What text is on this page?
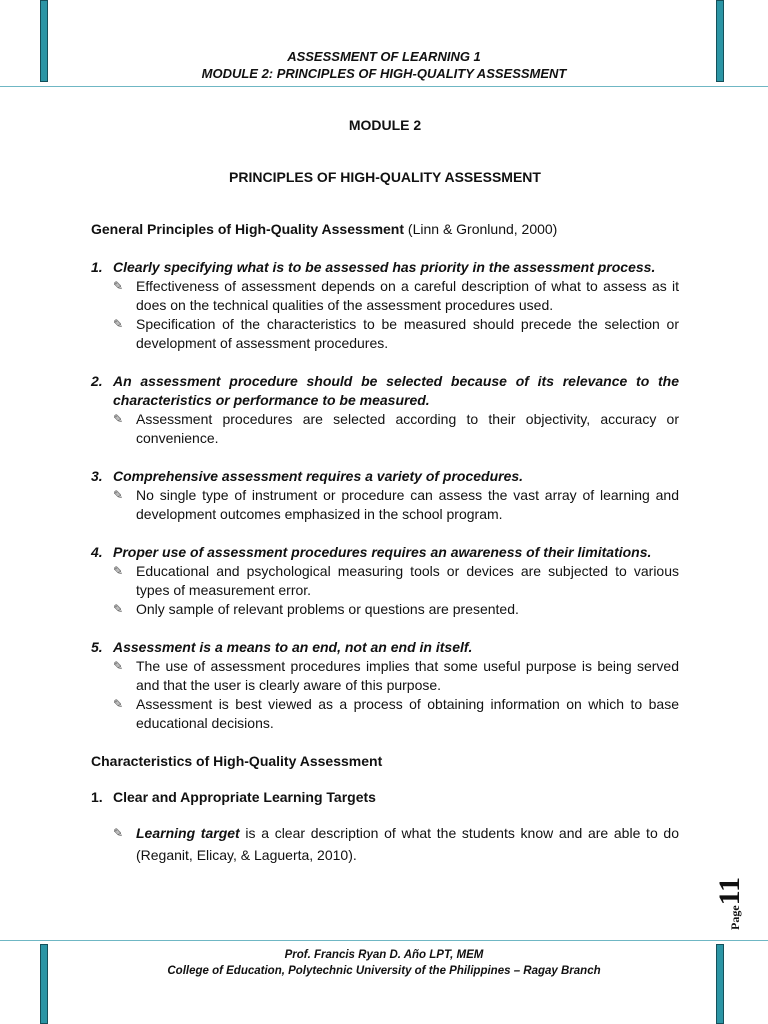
ASSESSMENT OF LEARNING 1
MODULE 2: PRINCIPLES OF HIGH-QUALITY ASSESSMENT
MODULE 2
PRINCIPLES OF HIGH-QUALITY ASSESSMENT
General Principles of High-Quality Assessment (Linn & Gronlund, 2000)
1. Clearly specifying what is to be assessed has priority in the assessment process.
✎ Effectiveness of assessment depends on a careful description of what to assess as it does on the technical qualities of the assessment procedures used.
✎ Specification of the characteristics to be measured should precede the selection or development of assessment procedures.
2. An assessment procedure should be selected because of its relevance to the characteristics or performance to be measured.
✎ Assessment procedures are selected according to their objectivity, accuracy or convenience.
3. Comprehensive assessment requires a variety of procedures.
✎ No single type of instrument or procedure can assess the vast array of learning and development outcomes emphasized in the school program.
4. Proper use of assessment procedures requires an awareness of their limitations.
✎ Educational and psychological measuring tools or devices are subjected to various types of measurement error.
✎ Only sample of relevant problems or questions are presented.
5. Assessment is a means to an end, not an end in itself.
✎ The use of assessment procedures implies that some useful purpose is being served and that the user is clearly aware of this purpose.
✎ Assessment is best viewed as a process of obtaining information on which to base educational decisions.
Characteristics of High-Quality Assessment
1. Clear and Appropriate Learning Targets
✎ Learning target is a clear description of what the students know and are able to do (Reganit, Elicay, & Laguerta, 2010).
Page11
Prof. Francis Ryan D. Año LPT, MEM
College of Education, Polytechnic University of the Philippines – Ragay Branch
